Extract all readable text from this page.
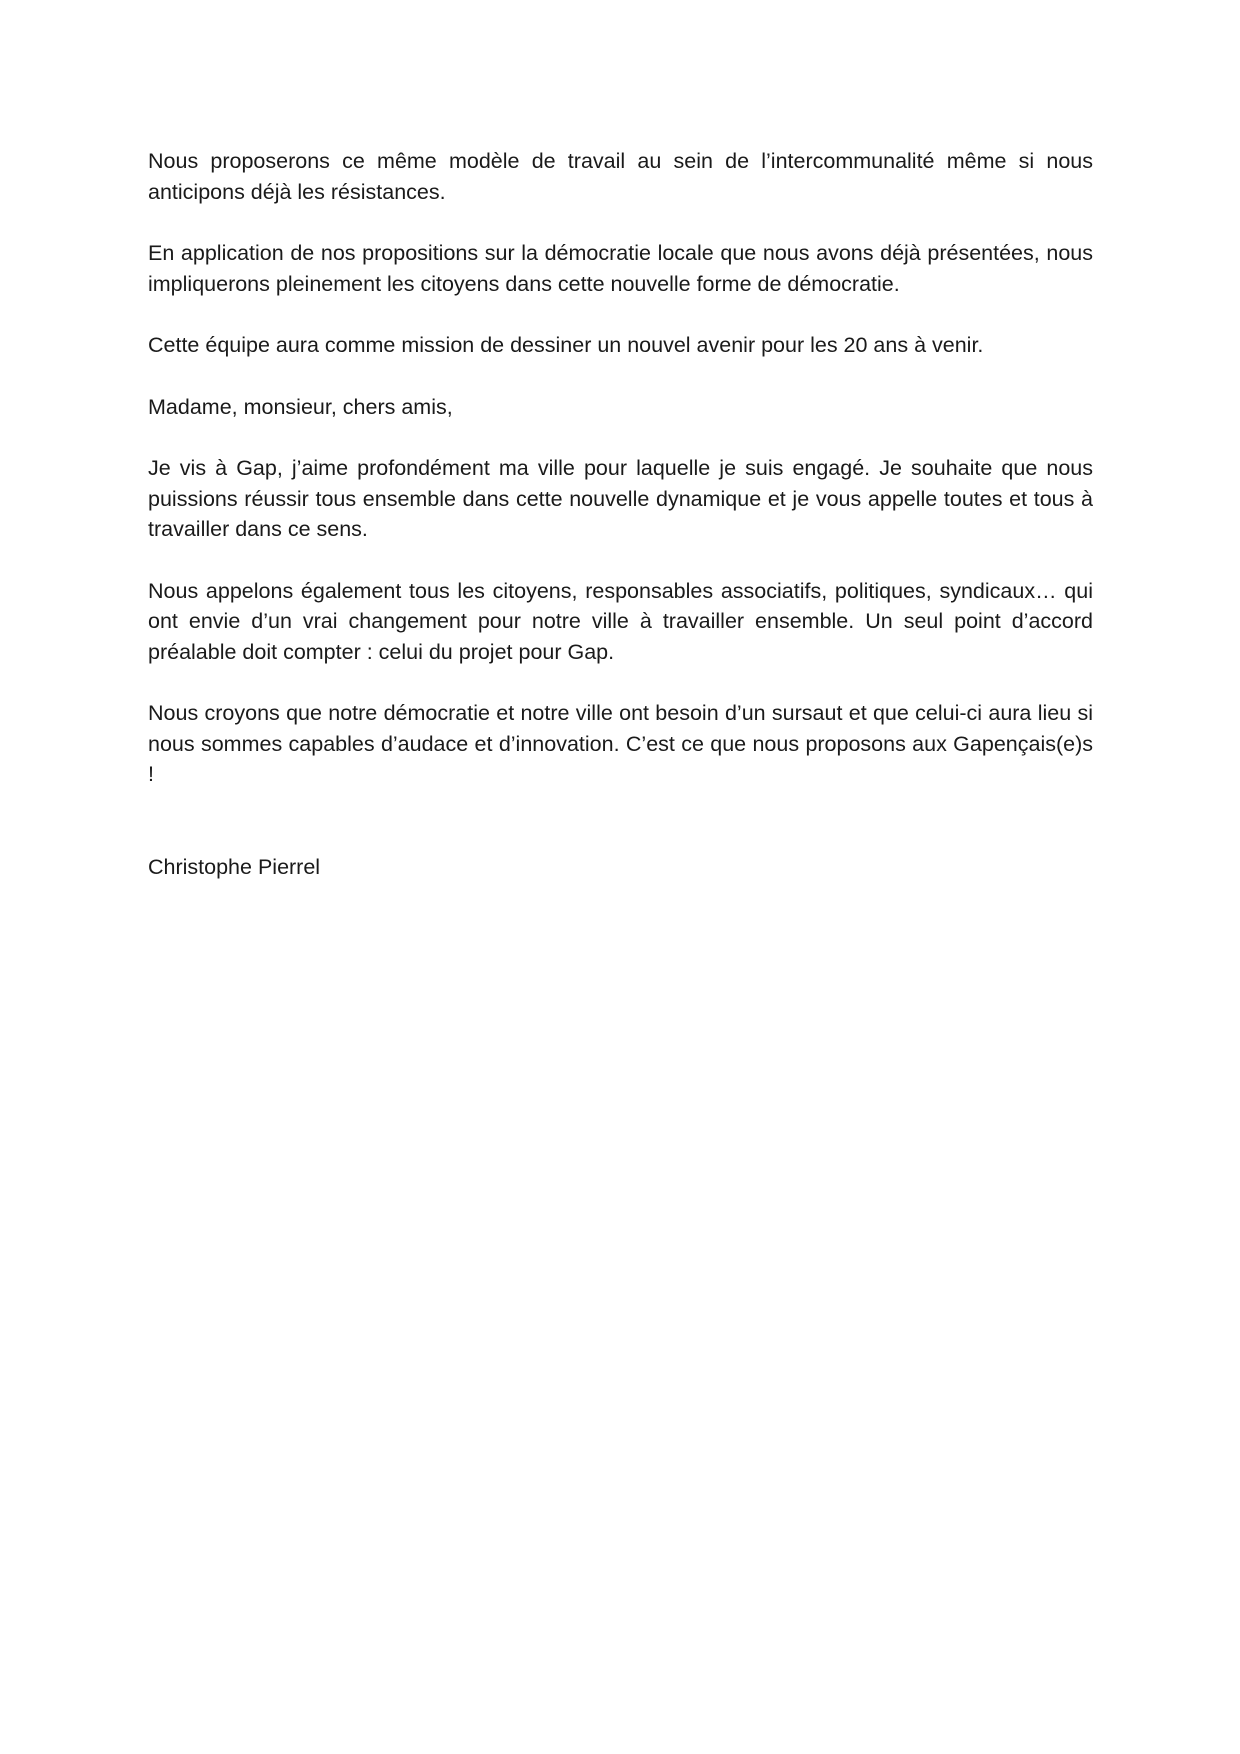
Nous proposerons ce même modèle de travail au sein de l’intercommunalité même si nous anticipons déjà les résistances.

En application de nos propositions sur la démocratie locale que nous avons déjà présentées, nous impliquerons pleinement les citoyens dans cette nouvelle forme de démocratie.

Cette équipe aura comme mission de dessiner un nouvel avenir pour les 20 ans à venir.

Madame, monsieur, chers amis,

Je vis à Gap, j’aime profondément ma ville pour laquelle je suis engagé. Je souhaite que nous puissions réussir tous ensemble dans cette nouvelle dynamique et je vous appelle toutes et tous à travailler dans ce sens.

Nous appelons également tous les citoyens, responsables associatifs, politiques, syndicaux… qui ont envie d’un vrai changement pour notre ville à travailler ensemble. Un seul point d’accord préalable doit compter : celui du projet pour Gap.

Nous croyons que notre démocratie et notre ville ont besoin d’un sursaut et que celui-ci aura lieu si nous sommes capables d’audace et d’innovation. C’est ce que nous proposons aux Gapençais(e)s !

Christophe Pierrel
